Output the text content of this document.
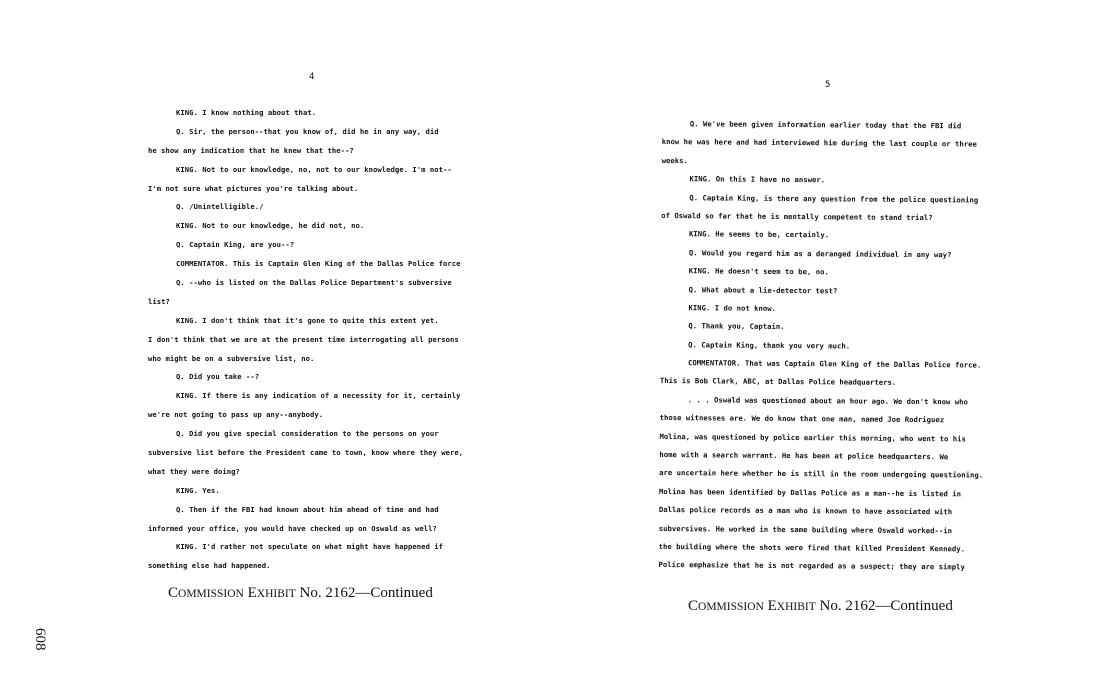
4
KING. I know nothing about that.
Q. Sir, the person--that you know of, did he in any way, did
he show any indication that he knew that the--?
KING. Not to our knowledge, no, not to our knowledge. I'm not--
I'm not sure what pictures you're talking about.
Q. /Unintelligible./
KING. Not to our knowledge, he did not, no.
Q. Captain King, are you--?
COMMENTATOR. This is Captain Glen King of the Dallas Police force
Q. --who is listed on the Dallas Police Department's subversive
list?
KING. I don't think that it's gone to quite this extent yet.
I don't think that we are at the present time interrogating all persons
who might be on a subversive list, no.
Q. Did you take --?
KING. If there is any indication of a necessity for it, certainly
we're not going to pass up any--anybody.
Q. Did you give special consideration to the persons on your
subversive list before the President came to town, know where they were,
what they were doing?
KING. Yes.
Q. Then if the FBI had known about him ahead of time and had
informed your office, you would have checked up on Oswald as well?
KING. I'd rather not speculate on what might have happened if
something else had happened.
COMMISSION EXHIBIT No. 2162—Continued
5
Q. We've been given information earlier today that the FBI did
know he was here and had interviewed him during the last couple or three
weeks.
KING. On this I have no answer.
Q. Captain King, is there any question from the police questioning
of Oswald so far that he is mentally competent to stand trial?
KING. He seems to be, certainly.
Q. Would you regard him as a deranged individual in any way?
KING. He doesn't seem to be, no.
Q. What about a lie-detector test?
KING. I do not know.
Q. Thank you, Captain.
Q. Captain King, thank you very much.
COMMENTATOR. That was Captain Glen King of the Dallas Police force.
This is Bob Clark, ABC, at Dallas Police headquarters.
. . . Oswald was questioned about an hour ago. We don't know who
those witnesses are. We do know that one man, named Joe Rodriguez
Molina, was questioned by police earlier this morning, who went to his
home with a search warrant. He has been at police headquarters. We
are uncertain here whether he is still in the room undergoing questioning.
Molina has been identified by Dallas Police as a man--he is listed in
Dallas police records as a man who is known to have associated with
subversives. He worked in the same building where Oswald worked--in
the building where the shots were fired that killed President Kennedy.
Police emphasize that he is not regarded as a suspect; they are simply
COMMISSION EXHIBIT No. 2162—Continued
608
